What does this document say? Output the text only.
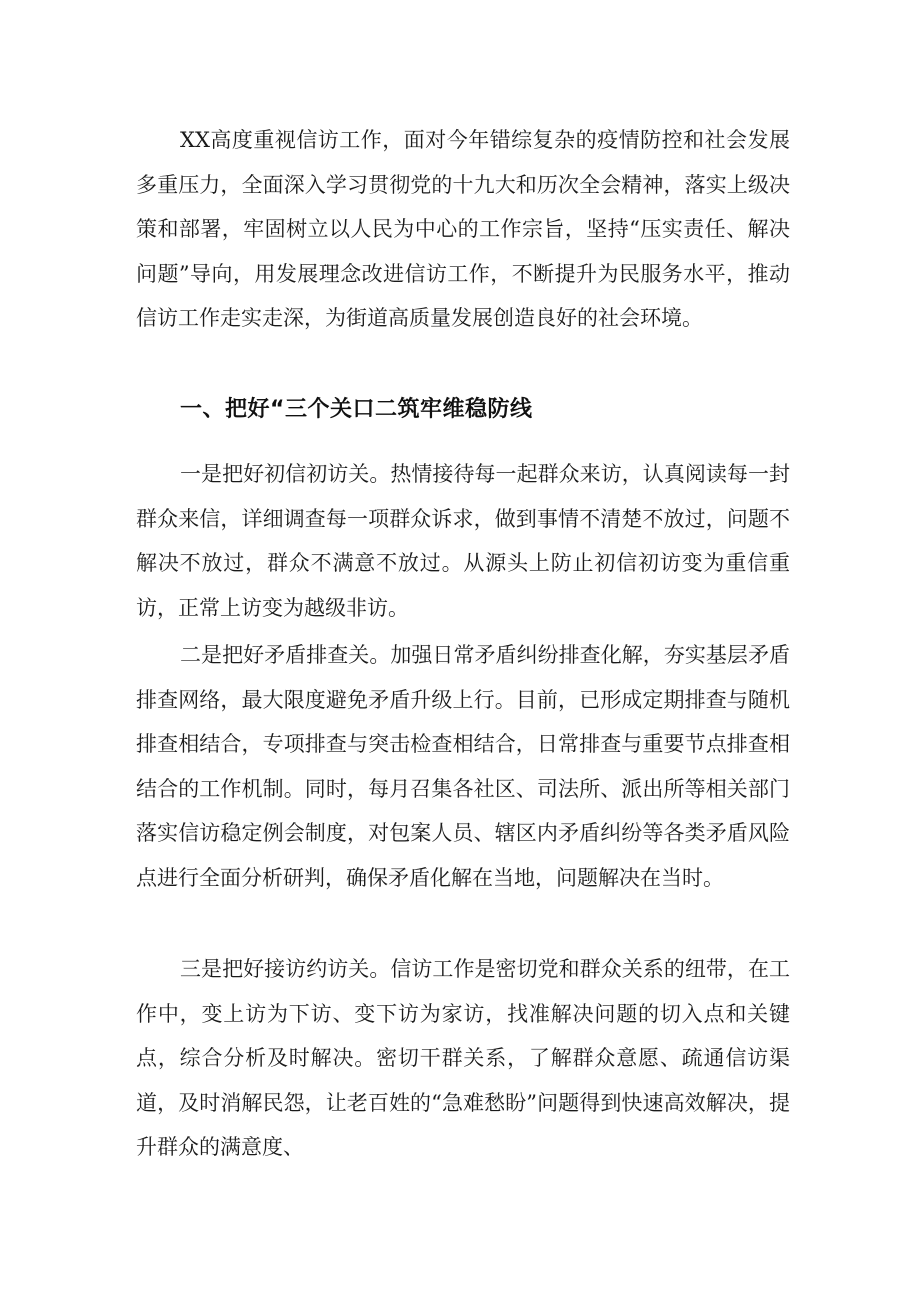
XX高度重视信访工作，面对今年错综复杂的疫情防控和社会发展多重压力，全面深入学习贯彻党的十九大和历次全会精神，落实上级决策和部署，牢固树立以人民为中心的工作宗旨，坚持“压实责任、解决问题”导向，用发展理念改进信访工作，不断提升为民服务水平，推动信访工作走实走深，为街道高质量发展创造良好的社会环境。

一、把好“三个关口二筑牢维稳防线

一是把好初信初访关。热情接待每一起群众来访，认真阅读每一封群众来信，详细调查每一项群众诉求，做到事情不清楚不放过，问题不解决不放过，群众不满意不放过。从源头上防止初信初访变为重信重访，正常上访变为越级非访。

二是把好矛盾排查关。加强日常矛盾纠纷排查化解，夯实基层矛盾排查网络，最大限度避免矛盾升级上行。目前，已形成定期排查与随机排查相结合，专项排查与突击检查相结合，日常排查与重要节点排查相结合的工作机制。同时，每月召集各社区、司法所、派出所等相关部门落实信访稳定例会制度，对包案人员、辖区内矛盾纠纷等各类矛盾风险点进行全面分析研判，确保矛盾化解在当地，问题解决在当时。

三是把好接访约访关。信访工作是密切党和群众关系的纽带，在工作中，变上访为下访、变下访为家访，找准解决问题的切入点和关键点，综合分析及时解决。密切干群关系，了解群众意愿、疏通信访渠道，及时消解民怨，让老百姓的“急难愁盼”问题得到快速高效解决，提升群众的满意度、
